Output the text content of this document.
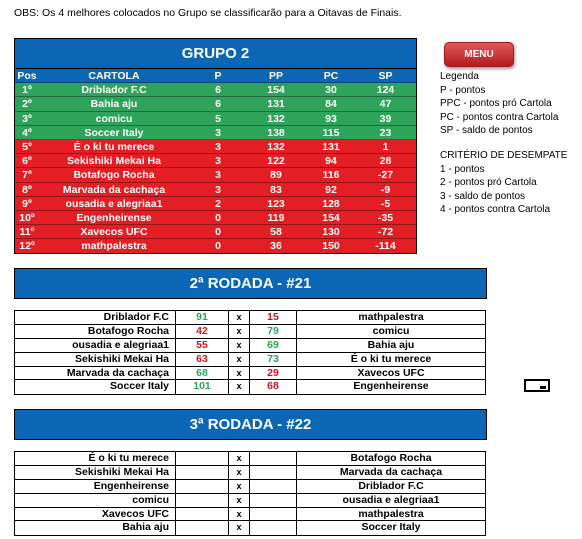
OBS: Os 4 melhores colocados no Grupo se classificarão para a Oitavas de Finais.
GRUPO 2
Pos	CARTOLA	P	PP	PC	SP
1º	Driblador F.C	6	154	30	124
2º	Bahia aju	6	131	84	47
3º	comicu	5	132	93	39
4º	Soccer Italy	3	138	115	23
5º	É o ki tu merece	3	132	131	1
6º	Sekishiki Mekai Ha	3	122	94	28
7º	Botafogo Rocha	3	89	116	-27
8º	Marvada da cachaça	3	83	92	-9
9º	ousadia e alegriaa1	2	123	128	-5
10º	Engenheirense	0	119	154	-35
11º	Xavecos UFC	0	58	130	-72
12º	mathpalestra	0	36	150	-114
MENU
Legenda
P - pontos
PPC - pontos pró Cartola
PC - pontos contra Cartola
SP - saldo de pontos
CRITÉRIO DE DESEMPATE
1 - pontos
2 - pontos pró Cartola
3 - saldo de pontos
4 - pontos contra Cartola
2ª RODADA - #21
Driblador F.C	91	x	15	mathpalestra
Botafogo Rocha	42	x	79	comicu
ousadia e alegriaa1	55	x	69	Bahia aju
Sekishiki Mekai Ha	63	x	73	É o ki tu merece
Marvada da cachaça	68	x	29	Xavecos UFC
Soccer Italy	101	x	68	Engenheirense
3ª RODADA - #22
É o ki tu merece	x	Botafogo Rocha
Sekishiki Mekai Ha	x	Marvada da cachaça
Engenheirense	x	Driblador F.C
comicu	x	ousadia e alegriaa1
Xavecos UFC	x	mathpalestra
Bahia aju	x	Soccer Italy
